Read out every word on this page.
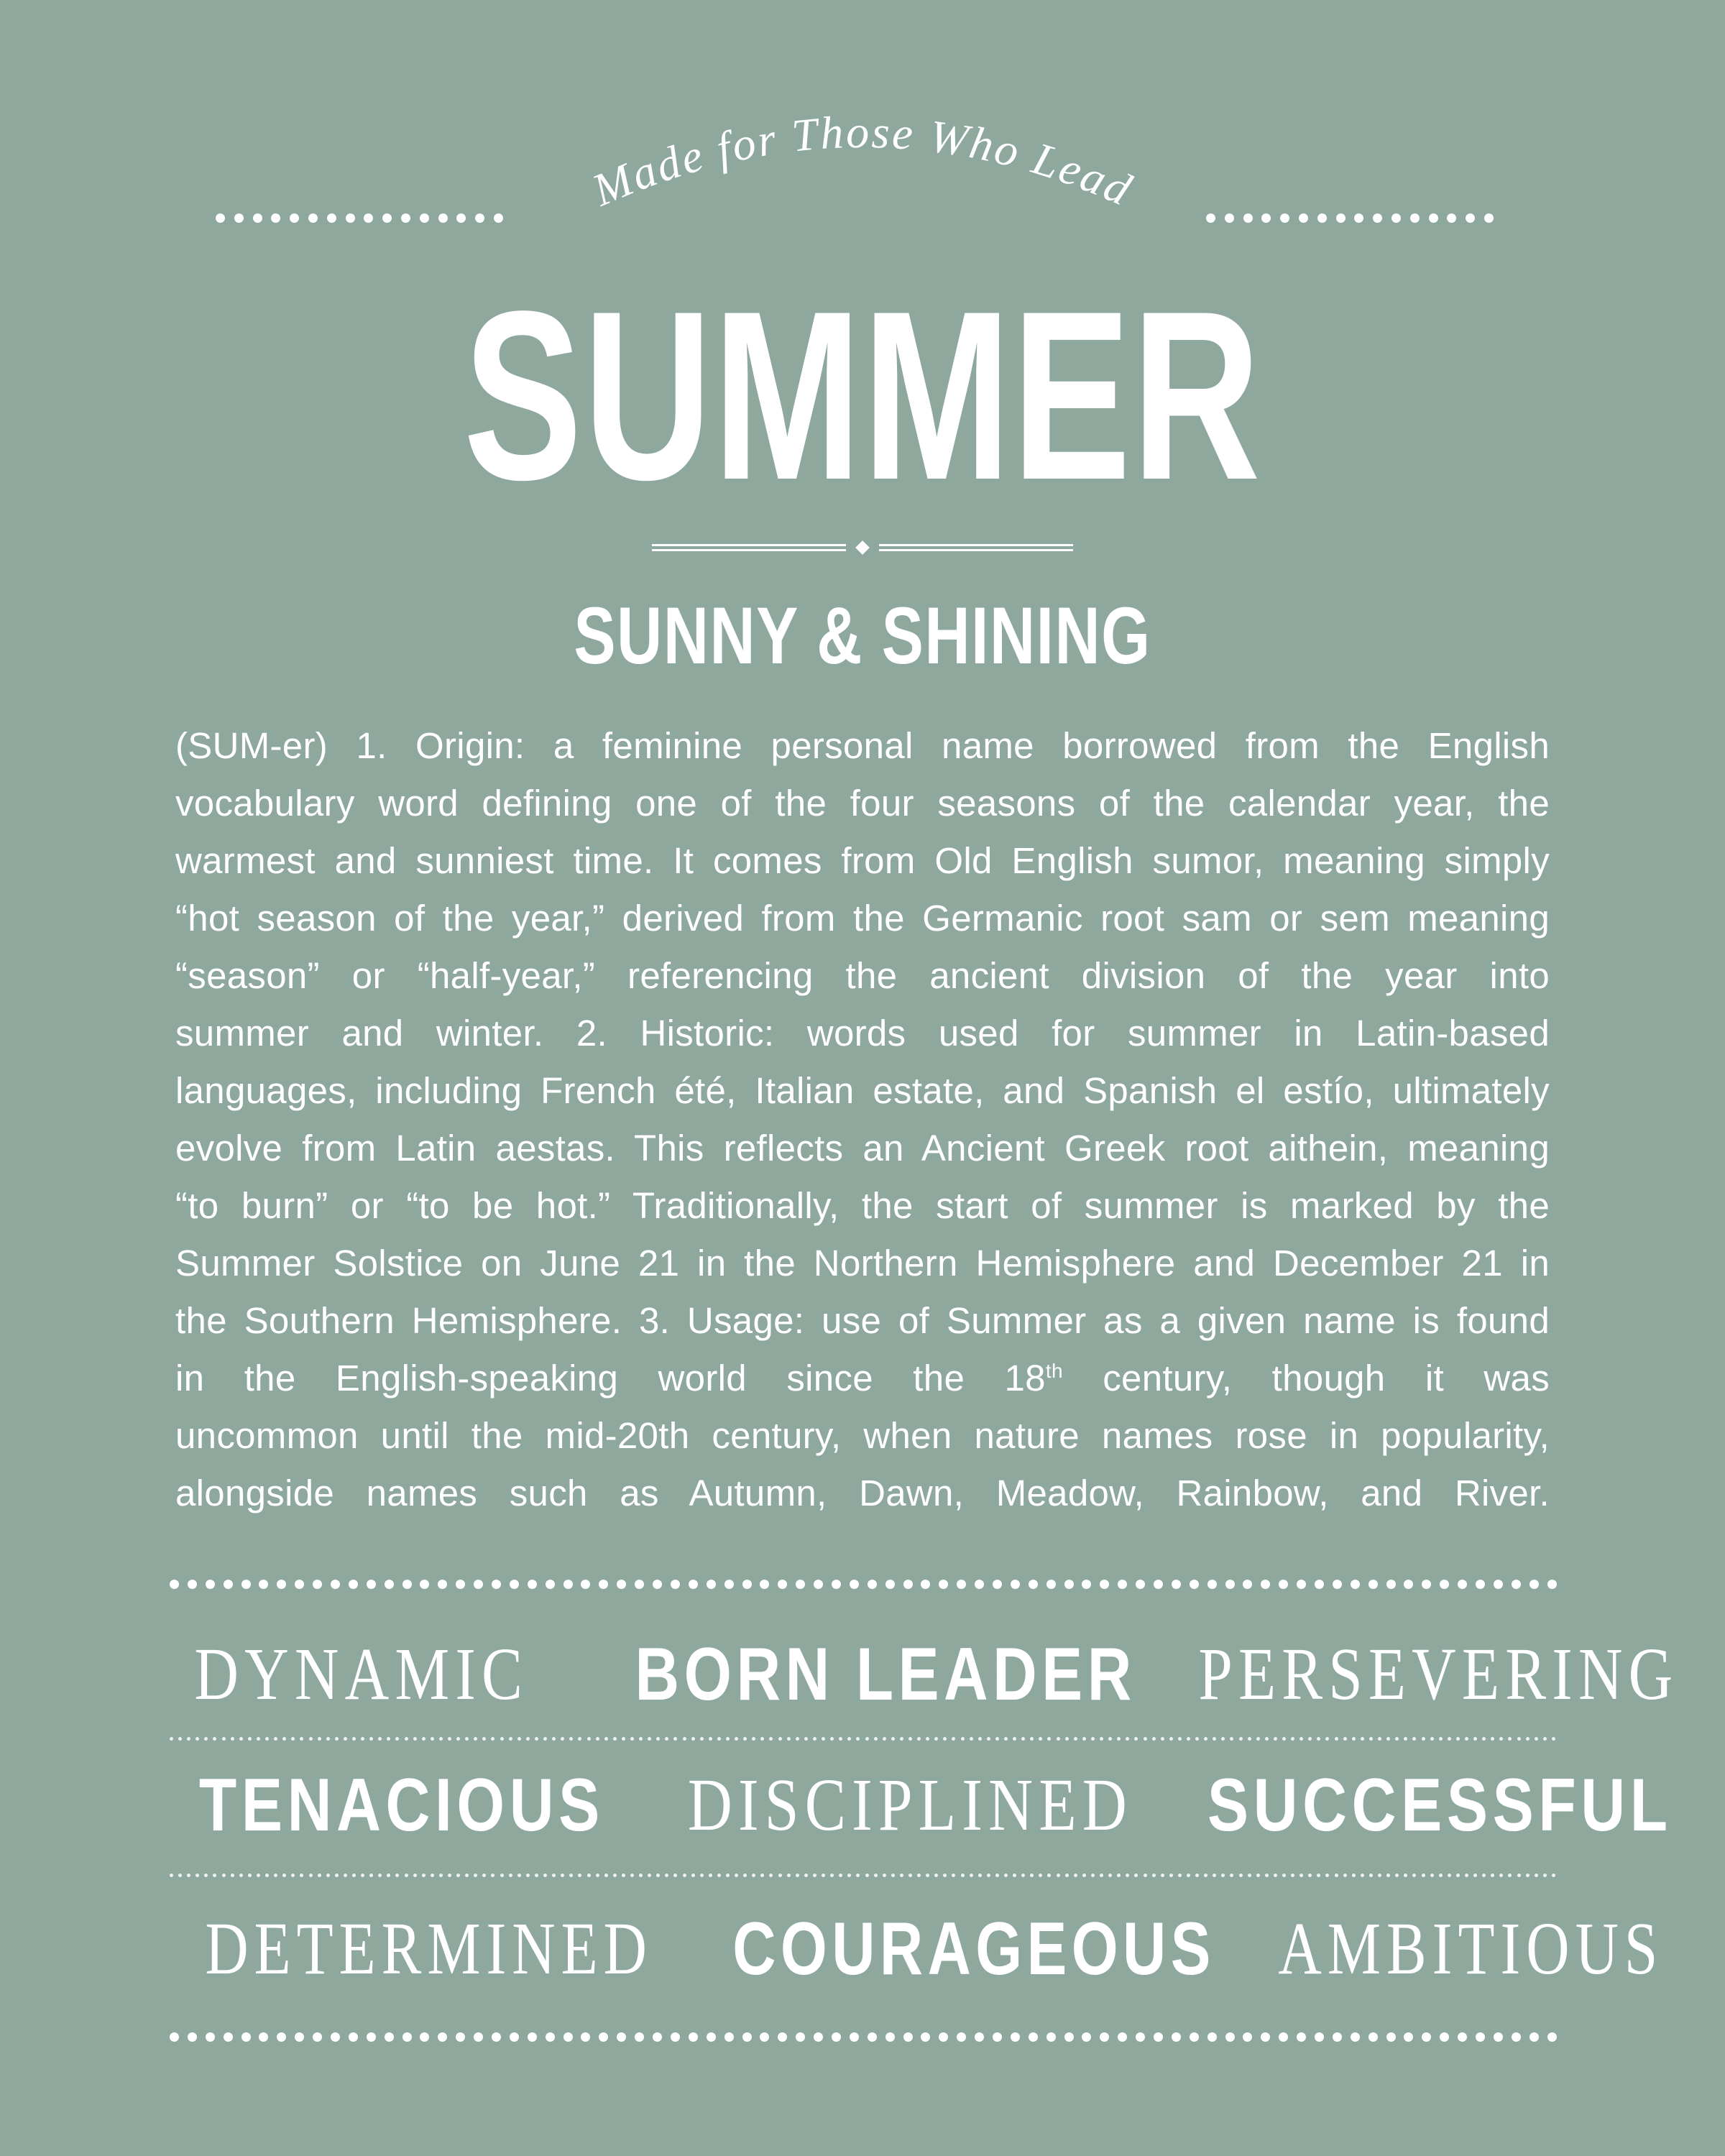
Made for Those Who Lead
SUMMER
SUNNY & SHINING
(SUM-er) 1. Origin: a feminine personal name borrowed from the English
vocabulary word defining one of the four seasons of the calendar year, the
warmest and sunniest time. It comes from Old English sumor, meaning simply
“hot season of the year,” derived from the Germanic root sam or sem meaning
“season” or “half-year,” referencing the ancient division of the year into
summer and winter. 2. Historic: words used for summer in Latin-based
languages, including French été, Italian estate, and Spanish el estío, ultimately
evolve from Latin aestas. This reflects an Ancient Greek root aithein, meaning
“to burn” or “to be hot.” Traditionally, the start of summer is marked by the
Summer Solstice on June 21 in the Northern Hemisphere and December 21 in
the Southern Hemisphere. 3. Usage: use of Summer as a given name is found
in the English-speaking world since the 18th century, though it was
uncommon until the mid-20th century, when nature names rose in popularity,
alongside names such as Autumn, Dawn, Meadow, Rainbow, and River.
DYNAMIC BORN LEADER PERSEVERING
TENACIOUS DISCIPLINED SUCCESSFUL
DETERMINED COURAGEOUS AMBITIOUS
